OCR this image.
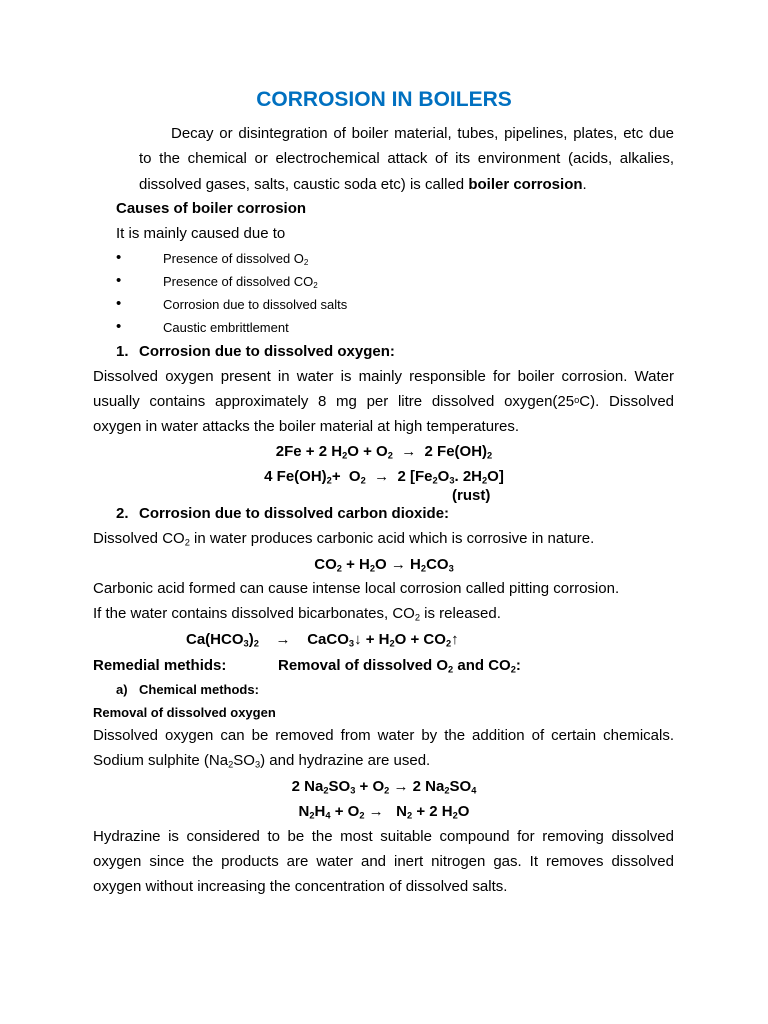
CORROSION IN BOILERS
Decay or disintegration of boiler material, tubes, pipelines, plates, etc due
to the chemical or electrochemical attack of its environment (acids, alkalies,
dissolved gases, salts, caustic soda etc) is called boiler corrosion.
Causes of boiler corrosion
It is mainly caused due to
•	Presence of dissolved $O_2$
•	Presence of dissolved $CO_2$
•	Corrosion due to dissolved salts
•	Caustic embrittlement
1. Corrosion due to dissolved oxygen:
Dissolved oxygen present in water is mainly responsible for boiler corrosion. Water
usually contains approximately 8 mg per litre dissolved oxygen(25$^o$C). Dissolved
oxygen in water attacks the boiler material at high temperatures.
2Fe + 2 $H_2O + O_2 \to 2$ $Fe(OH)_2$
4 $Fe(OH)_2+ O_2 \to 2$ [$Fe_2O_3$. $2H_2O$]
(rust)
2. Corrosion due to dissolved carbon dioxide:
Dissolved $CO_2$ in water produces carbonic acid which is corrosive in nature.
$CO_2 + H_2O \to H_2CO_3$
Carbonic acid formed can cause intense local corrosion called pitting corrosion.
If the water contains dissolved bicarbonates, $CO_2$ is released.
$Ca(HCO_3)_2$ →    CaCO$_3$↓ + $H_2O$ + $CO_2↑$
Remedial methids:	Removal of dissolved $O_2$ and $CO_2$:
a) Chemical methods:
Removal of dissolved oxygen
Dissolved oxygen can be removed from water by the addition of certain chemicals.
Sodium sulphite $(Na_2SO_3)$ and hydrazine are used.
2 $Na_2SO_3 + O_2 \to 2$ $Na_2SO_4$
$N_2H_4 + O_2 \to N_2 + 2$ $H_2O$
Hydrazine is considered to be the most suitable compound for removing dissolved
oxygen since the products are water and inert nitrogen gas. It removes dissolved
oxygen without increasing the concentration of dissolved salts.
